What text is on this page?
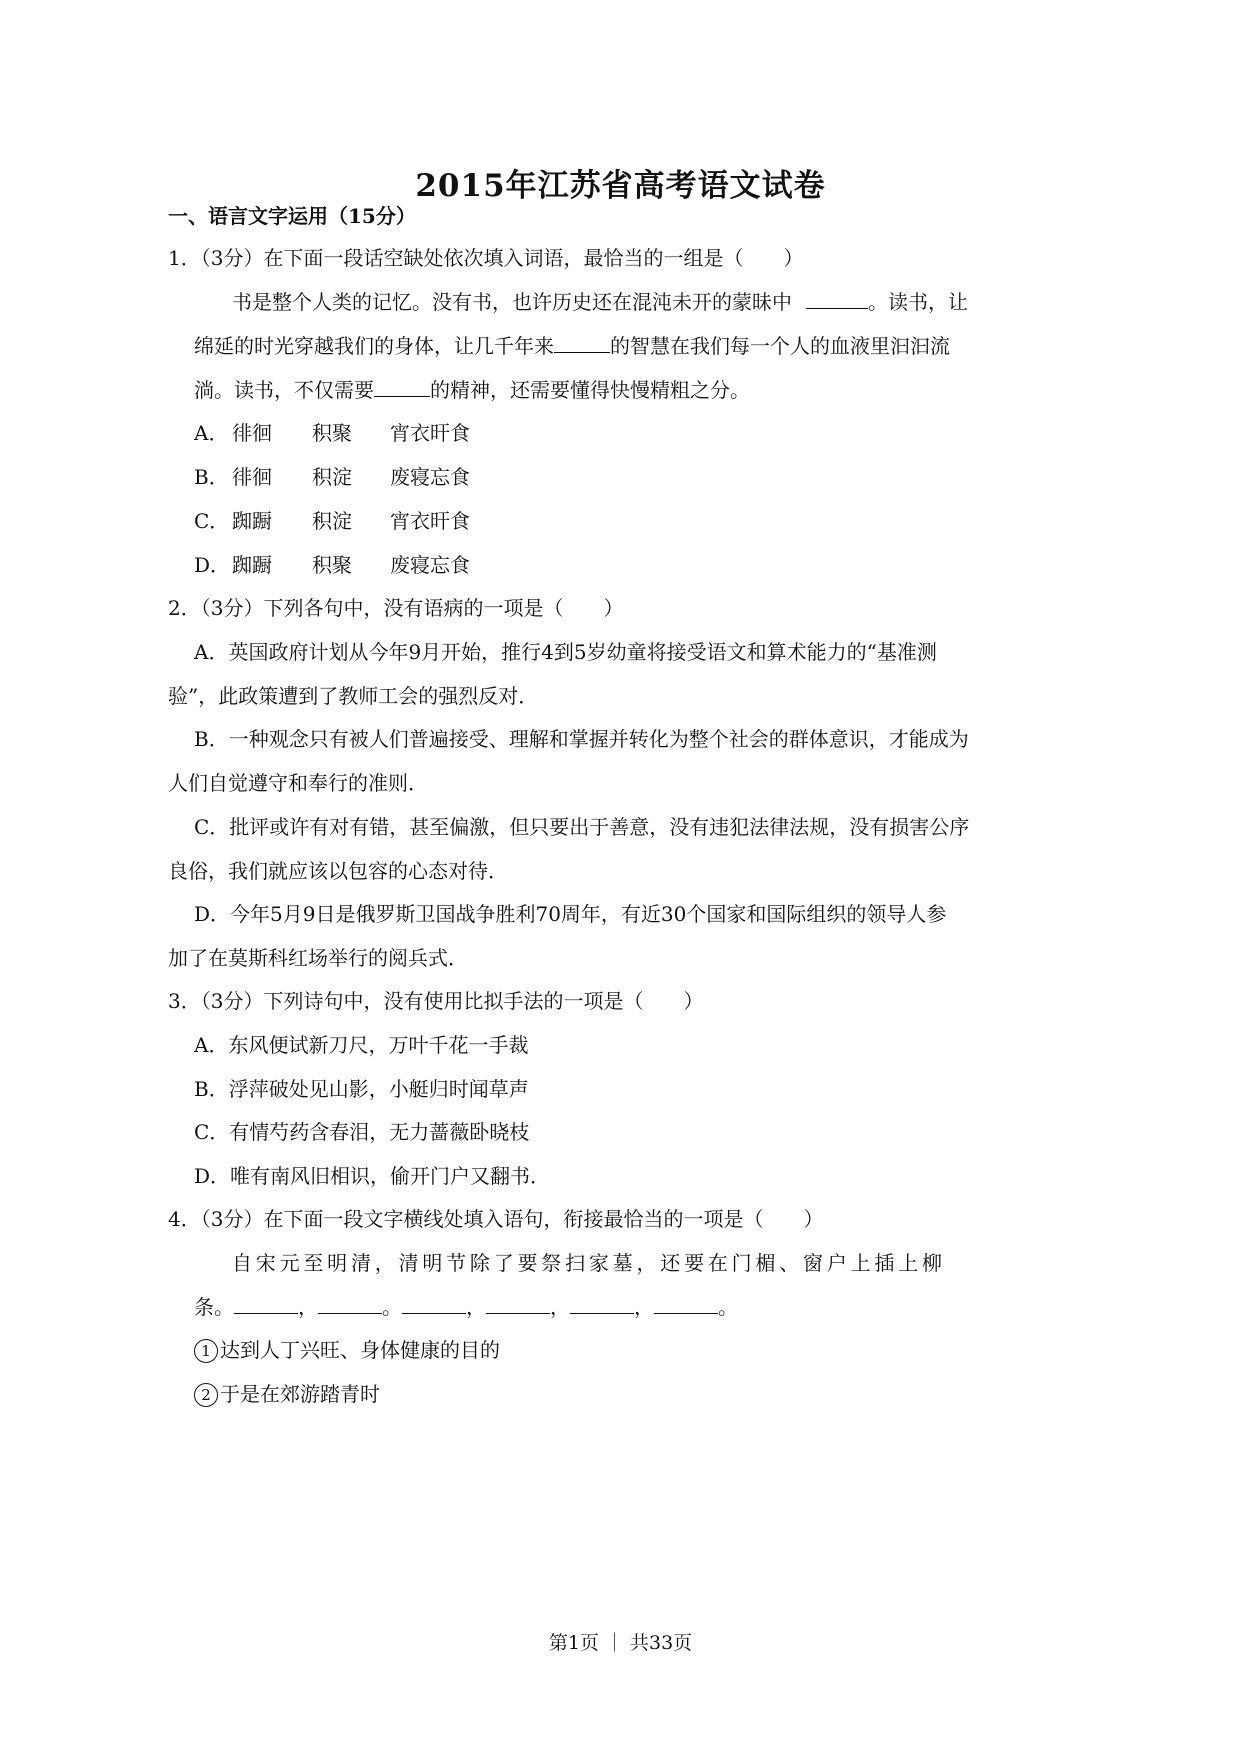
2015年江苏省高考语文试卷
一、语言文字运用（15分）
1．（3分）在下面一段话空缺处依次填入词语，最恰当的一组是（　　）
书是整个人类的记忆。没有书，也许历史还在混沌未开的蒙昧中	。读书，让
绵延的时光穿越我们的身体，让几千年来	的智慧在我们每一个人的血液里汩汩流
淌。读书，不仅需要	的精神，还需要懂得快慢精粗之分。
A． 徘徊 积聚 宵衣旰食
B． 徘徊 积淀 废寝忘食
C． 踟蹰 积淀 宵衣旰食
D．踟蹰 积聚 废寝忘食
2．（3分）下列各句中，没有语病的一项是（　　）
A．英国政府计划从今年9月开始，推行4到5岁幼童将接受语文和算术能力的“基准测
验”，此政策遭到了教师工会的强烈反对．
B．一种观念只有被人们普遍接受、理解和掌握并转化为整个社会的群体意识，才能成为
人们自觉遵守和奉行的准则．
C．批评或许有对有错，甚至偏激，但只要出于善意，没有违犯法律法规，没有损害公序
良俗，我们就应该以包容的心态对待．
D．今年5月9日是俄罗斯卫国战争胜利70周年，有近30个国家和国际组织的领导人参
加了在莫斯科红场举行的阅兵式．
3．（3分）下列诗句中，没有使用比拟手法的一项是（　　）
A．东风便试新刀尺，万叶千花一手裁
B．浮萍破处见山影，小艇归时闻草声
C．有情芍药含春泪，无力蔷薇卧晓枝
D．唯有南风旧相识，偷开门户又翻书．
4．（3分）在下面一段文字横线处填入语句，衔接最恰当的一项是（　　）
自宋元至明清，清明节除了要祭扫家墓，还要在门楣、窗户上插上柳
条。	，	。	，	，	，	。
1 达到人丁兴旺、身体健康的目的
2 于是在郊游踏青时
第1页 ｜ 共33页
